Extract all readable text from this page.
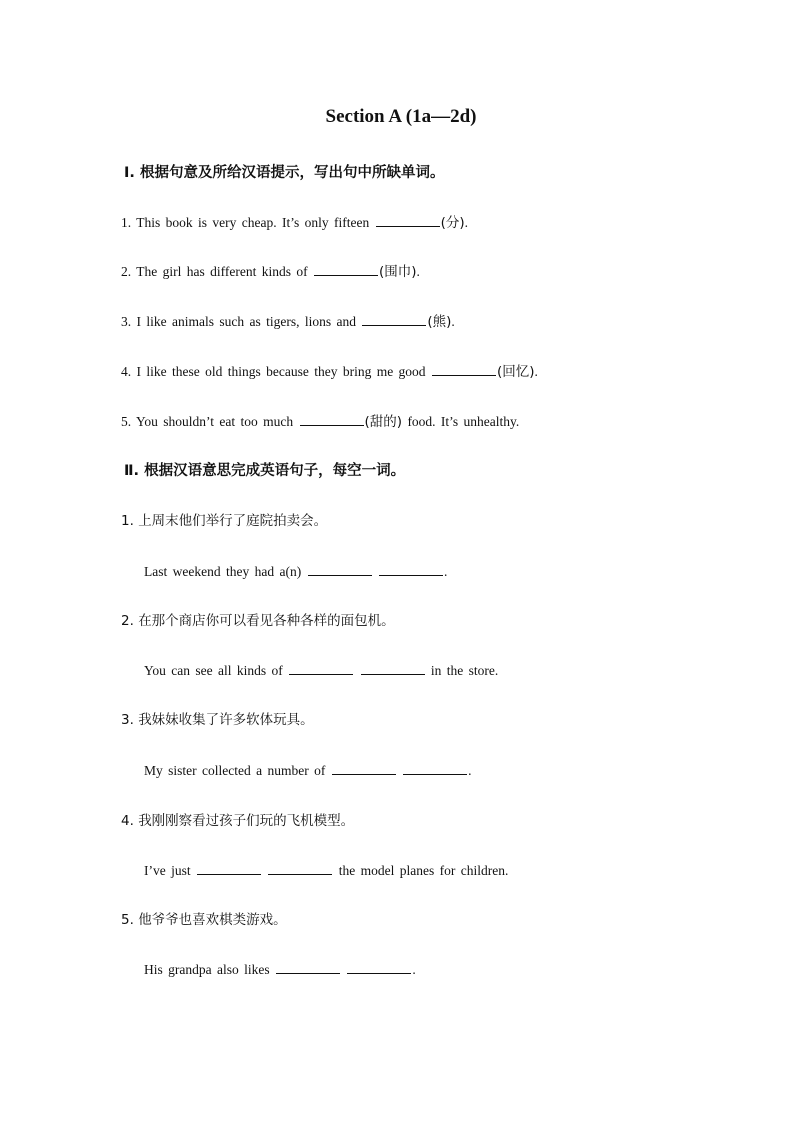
Section A (1a—2d)
Ⅰ. 根据句意及所给汉语提示，写出句中所缺单词。
1. This book is very cheap. It’s only fifteen	(分).
2. The girl has different kinds of	(围巾).
3. I like animals such as tigers, lions and	(熊).
4. I like these old things because they bring me good	(回忆).
5. You shouldn’t eat too much	(甜的) food. It’s unhealthy.
Ⅱ. 根据汉语意思完成英语句子，每空一词。
1. 上周末他们举行了庭院拍卖会。
Last weekend they had a(n)	.
2. 在那个商店你可以看见各种各样的面包机。
You can see all kinds of	in the store.
3. 我妹妹收集了许多软体玩具。
My sister collected a number of	.
4. 我刚刚察看过孩子们玩的飞机模型。
I’ve just	the model planes for children.
5. 他爷爷也喜欢棋类游戏。
His grandpa also likes	.
